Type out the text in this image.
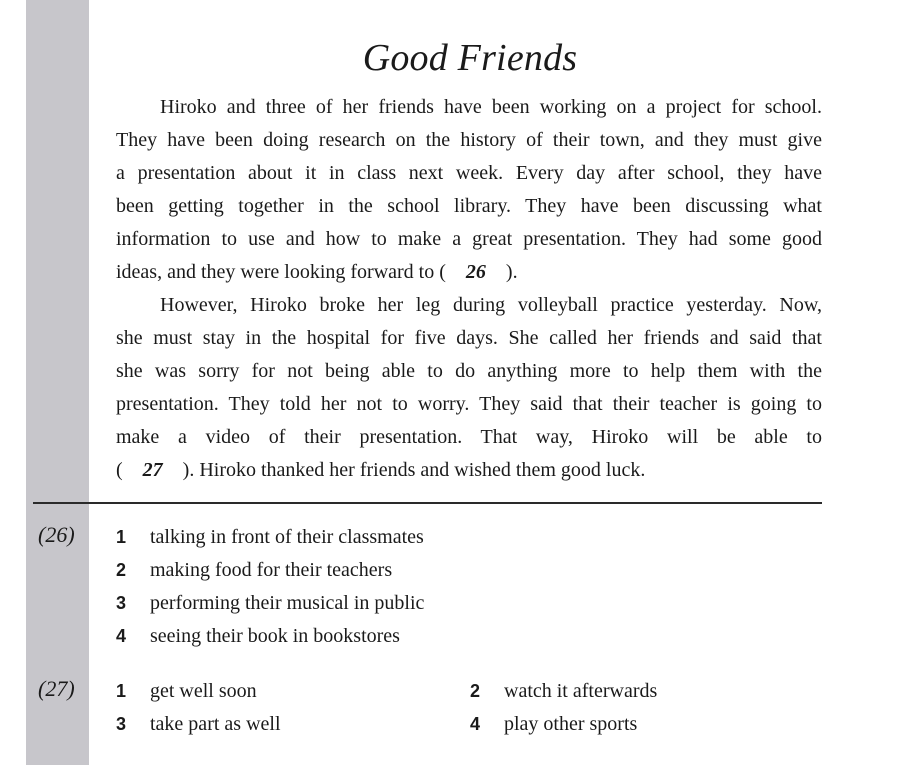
Good Friends

Hiroko and three of her friends have been working on a project for school.
They have been doing research on the history of their town, and they must give
a presentation about it in class next week. Every day after school, they have
been getting together in the school library. They have been discussing what
information to use and how to make a great presentation. They had some good
ideas, and they were looking forward to (  26  ).

However, Hiroko broke her leg during volleyball practice yesterday. Now,
she must stay in the hospital for five days. She called her friends and said that
she was sorry for not being able to do anything more to help them with the
presentation. They told her not to worry. They said that their teacher is going to
make a video of their presentation. That way, Hiroko will be able to
(  27  ). Hiroko thanked her friends and wished them good luck.

(26) 1 talking in front of their classmates
2 making food for their teachers
3 performing their musical in public
4 seeing their book in bookstores
(27) 1 get well soon	2 watch it afterwards
3 take part as well	4 play other sports
